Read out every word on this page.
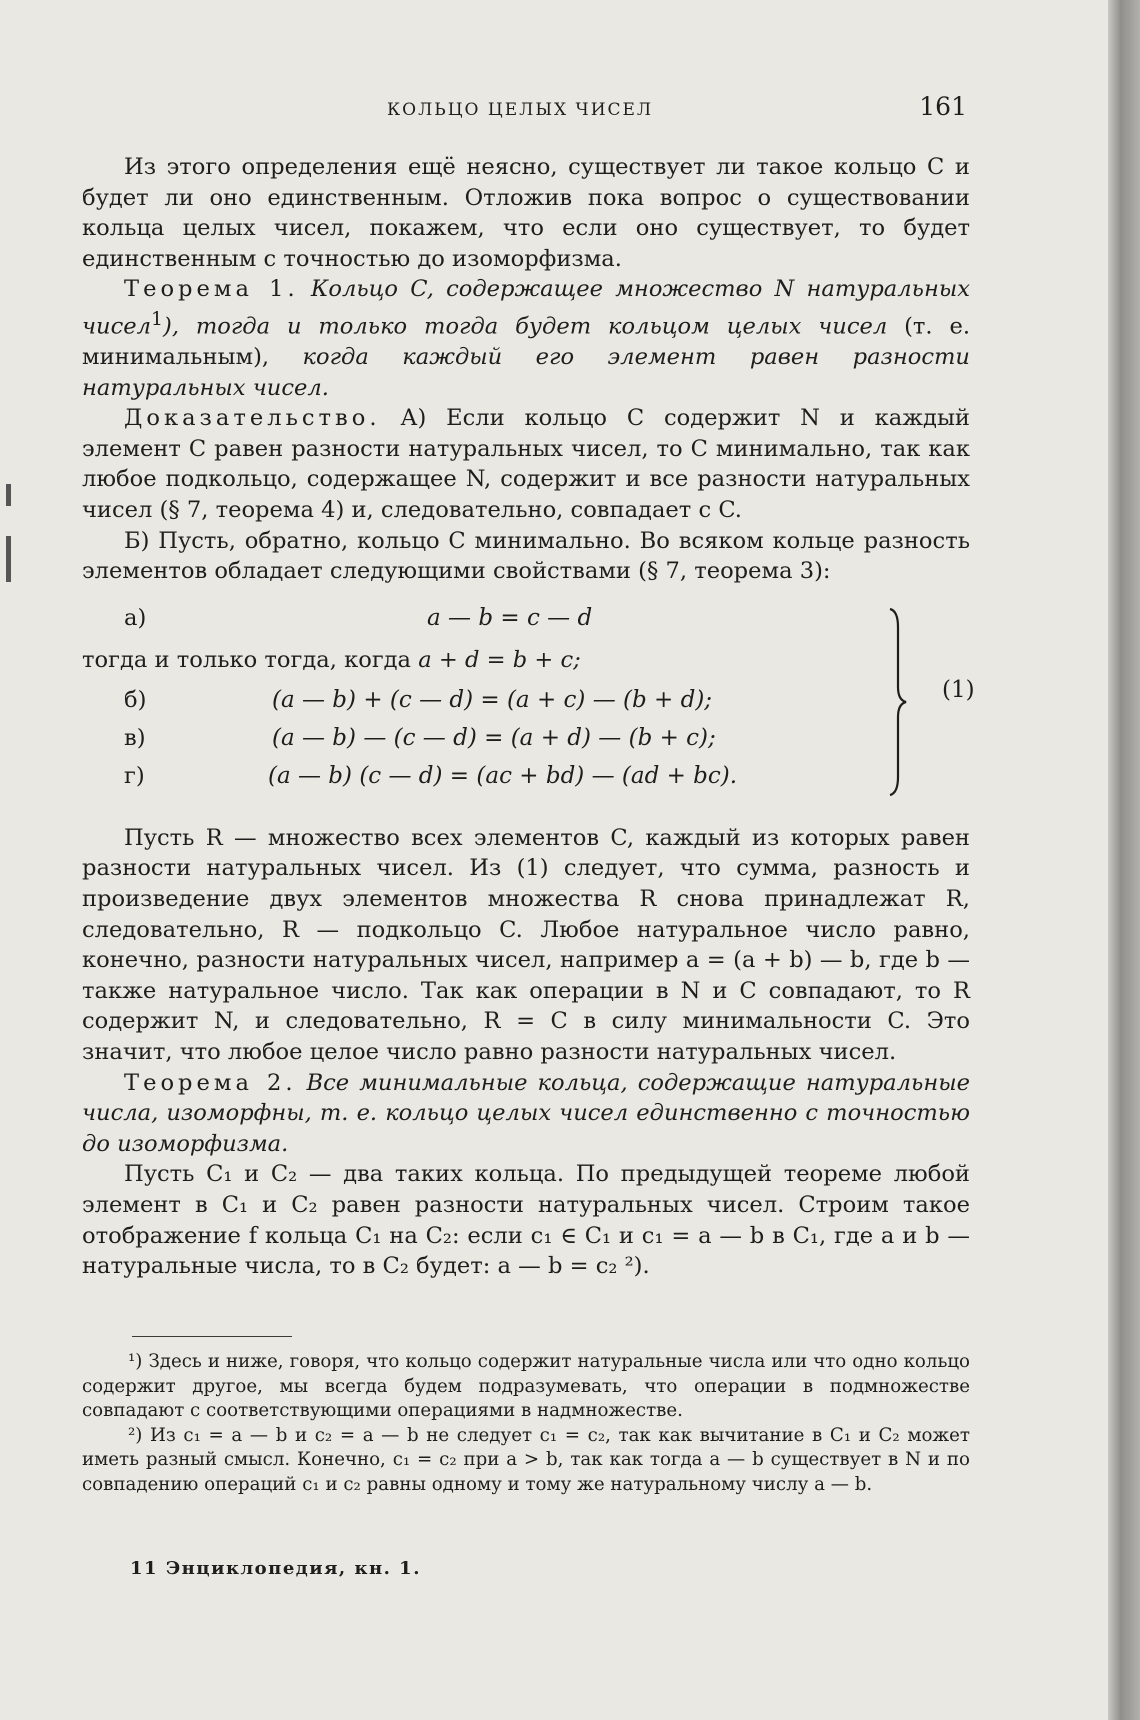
КОЛЬЦО ЦЕЛЫХ ЧИСЕЛ	161

Из этого определения ещё неясно, существует ли такое кольцо C и будет ли оно единственным. Отложив пока вопрос о существовании кольца целых чисел, покажем, что если оно существует, то будет единственным с точностью до изоморфизма.

Теорема 1. Кольцо C, содержащее множество N натуральных чисел$^1$), тогда и только тогда будет кольцом целых чисел (т. е. минимальным), когда каждый его элемент равен разности натуральных чисел.

Доказательство. А) Если кольцо C содержит N и каждый элемент C равен разности натуральных чисел, то C минимально, так как любое подкольцо, содержащее N, содержит и все разности натуральных чисел (§ 7, теорема 4) и, следовательно, совпадает с C.

Б) Пусть, обратно, кольцо C минимально. Во всяком кольце разность элементов обладает следующими свойствами (§ 7, теорема 3):

а)	a — b = c — d
тогда и только тогда, когда a + d = b + c;
б)	(a — b) + (c — d) = (a + c) — (b + d);
в)	(a — b) — (c — d) = (a + d) — (b + c);
г)	(a — b) (c — d) = (ac + bd) — (ad + bc).
(1)

Пусть R — множество всех элементов C, каждый из которых равен разности натуральных чисел. Из (1) следует, что сумма, разность и произведение двух элементов множества R снова принадлежат R, следовательно, R — подкольцо C. Любое натуральное число равно, конечно, разности натуральных чисел, например a = (a + b) — b, где b — также натуральное число. Так как операции в N и C совпадают, то R содержит N, и следовательно, R = C в силу минимальности C. Это значит, что любое целое число равно разности натуральных чисел.

Теорема 2. Все минимальные кольца, содержащие натуральные числа, изоморфны, т. е. кольцо целых чисел единственно с точностью до изоморфизма.

Пусть C₁ и C₂ — два таких кольца. По предыдущей теореме любой элемент в C₁ и C₂ равен разности натуральных чисел. Строим такое отображение f кольца C₁ на C₂: если c₁ ∈ C₁ и c₁ = a — b в C₁, где a и b — натуральные числа, то в C₂ будет: a — b = c₂ ²).

¹) Здесь и ниже, говоря, что кольцо содержит натуральные числа или что одно кольцо содержит другое, мы всегда будем подразумевать, что операции в подмножестве совпадают с соответствующими операциями в надмножестве.

²) Из c₁ = a — b и c₂ = a — b не следует c₁ = c₂, так как вычитание в C₁ и C₂ может иметь разный смысл. Конечно, c₁ = c₂ при a > b, так как тогда a — b существует в N и по совпадению операций c₁ и c₂ равны одному и тому же натуральному числу a — b.

11 Энциклопедия, кн. 1.
